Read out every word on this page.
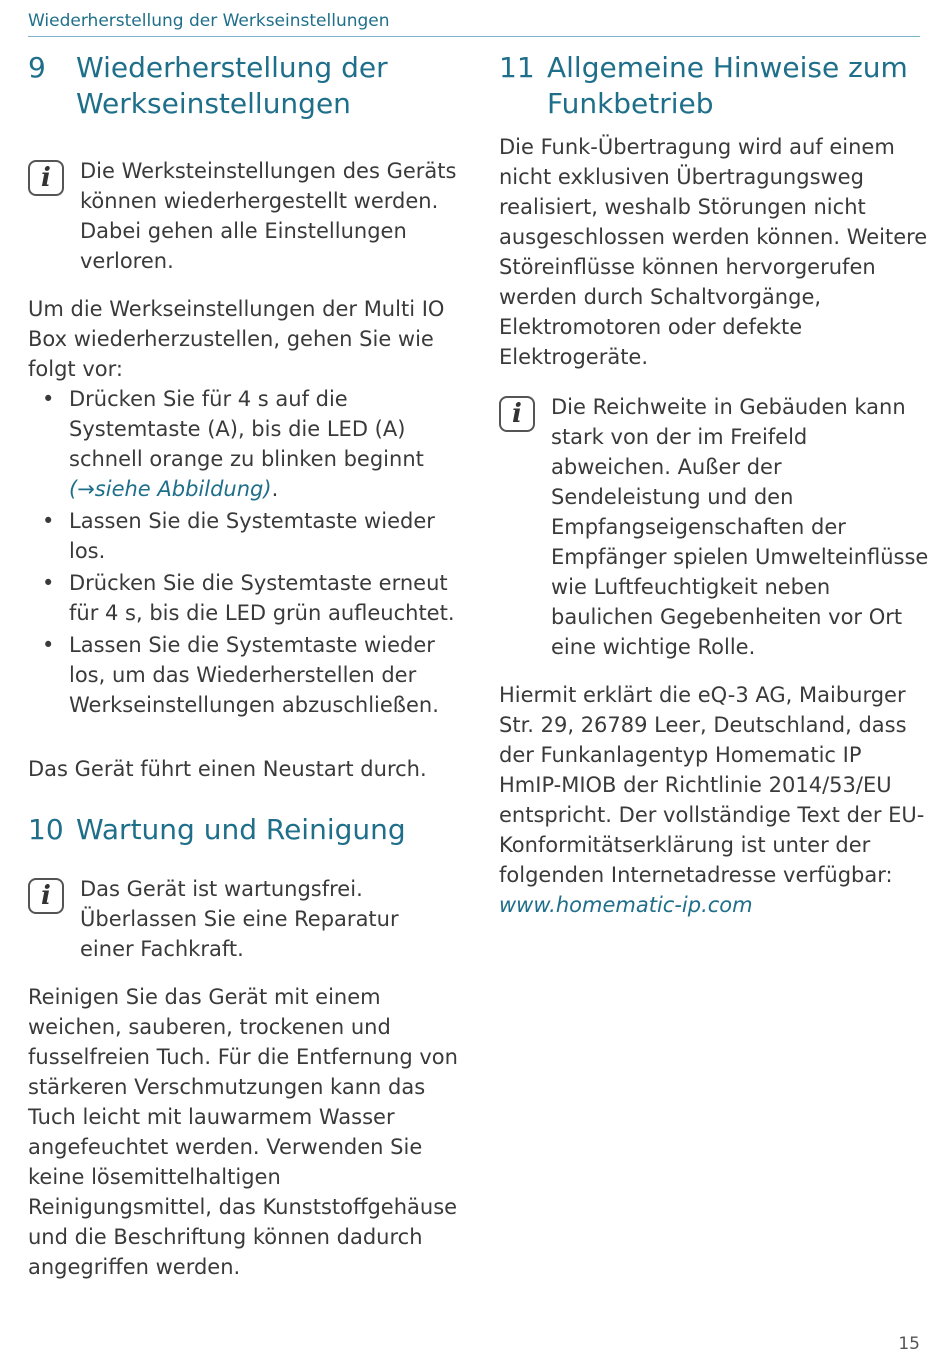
Wiederherstellung der Werkseinstellungen
9	Wiederherstellung der Werkseinstellungen
i	Die Werksteinstellungen des Geräts können wiederhergestellt werden. Dabei gehen alle Einstellungen verloren.

Um die Werkseinstellungen der Multi IO Box wiederherzustellen, gehen Sie wie folgt vor:

• Drücken Sie für 4 s auf die Systemtaste (A), bis die LED (A) schnell orange zu blinken beginnt (→siehe Abbildung).
• Lassen Sie die Systemtaste wieder los.
• Drücken Sie die Systemtaste erneut für 4 s, bis die LED grün aufleuchtet.
• Lassen Sie die Systemtaste wieder los, um das Wiederherstellen der Werkseinstellungen abzuschließen.

Das Gerät führt einen Neustart durch.

10 Wartung und Reinigung
i	Das Gerät ist wartungsfrei. Überlassen Sie eine Reparatur einer Fachkraft.

Reinigen Sie das Gerät mit einem weichen, sauberen, trockenen und fusselfreien Tuch. Für die Entfernung von stärkeren Verschmutzungen kann das Tuch leicht mit lauwarmem Wasser angefeuchtet werden. Verwenden Sie keine lösemittelhaltigen Reinigungsmittel, das Kunststoffgehäuse und die Beschriftung können dadurch angegriffen werden.

11 Allgemeine Hinweise zum Funkbetrieb

Die Funk-Übertragung wird auf einem nicht exklusiven Übertragungsweg realisiert, weshalb Störungen nicht ausgeschlossen werden können. Weitere Störeinflüsse können hervorgerufen werden durch Schaltvorgänge, Elektromotoren oder defekte Elektrogeräte.

i	Die Reichweite in Gebäuden kann stark von der im Freifeld abweichen. Außer der Sendeleistung und den Empfangseigenschaften der Empfänger spielen Umwelteinflüsse wie Luftfeuchtigkeit neben baulichen Gegebenheiten vor Ort eine wichtige Rolle.

Hiermit erklärt die eQ-3 AG, Maiburger Str. 29, 26789 Leer, Deutschland, dass der Funkanlagentyp Homematic IP HmIP-MIOB der Richtlinie 2014/53/EU entspricht. Der vollständige Text der EU-Konformitätserklärung ist unter der folgenden Internetadresse verfügbar: www.homematic-ip.com

15
